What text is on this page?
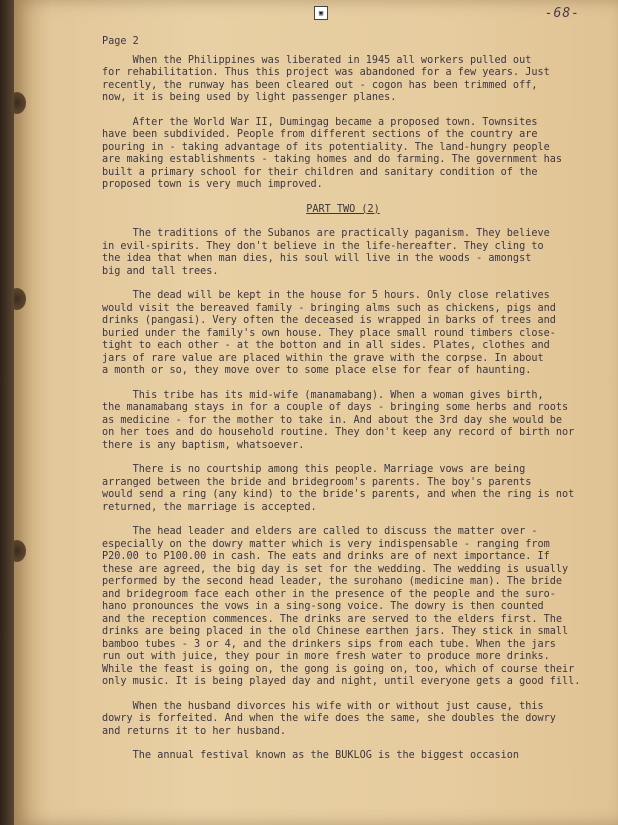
▣	-68-

Page 2

When the Philippines was liberated in 1945 all workers pulled out
for rehabilitation. Thus this project was abandoned for a few years. Just
recently, the runway has been cleared out - cogon has been trimmed off,
now, it is being used by light passenger planes.

After the World War II, Dumingag became a proposed town. Townsites
have been subdivided. People from different sections of the country are
pouring in - taking advantage of its potentiality. The land-hungry people
are making establishments - taking homes and do farming. The government has
built a primary school for their children and sanitary condition of the
proposed town is very much improved.

PART TWO (2)

The traditions of the Subanos are practically paganism. They believe
in evil-spirits. They don't believe in the life-hereafter. They cling to
the idea that when man dies, his soul will live in the woods - amongst
big and tall trees.

The dead will be kept in the house for 5 hours. Only close relatives
would visit the bereaved family - bringing alms such as chickens, pigs and
drinks (pangasi). Very often the deceased is wrapped in barks of trees and
buried under the family's own house. They place small round timbers close-
tight to each other - at the botton and in all sides. Plates, clothes and
jars of rare value are placed within the grave with the corpse. In about
a month or so, they move over to some place else for fear of haunting.

This tribe has its mid-wife (manamabang). When a woman gives birth,
the manamabang stays in for a couple of days - bringing some herbs and roots
as medicine - for the mother to take in. And about the 3rd day she would be
on her toes and do household routine. They don't keep any record of birth nor
there is any baptism, whatsoever.

There is no courtship among this people. Marriage vows are being
arranged between the bride and bridegroom's parents. The boy's parents
would send a ring (any kind) to the bride's parents, and when the ring is not
returned, the marriage is accepted.

The head leader and elders are called to discuss the matter over -
especially on the dowry matter which is very indispensable - ranging from
P20.00 to P100.00 in cash. The eats and drinks are of next importance. If
these are agreed, the big day is set for the wedding. The wedding is usually
performed by the second head leader, the surohano (medicine man). The bride
and bridegroom face each other in the presence of the people and the suro-
hano pronounces the vows in a sing-song voice. The dowry is then counted
and the reception commences. The drinks are served to the elders first. The
drinks are being placed in the old Chinese earthen jars. They stick in small
bamboo tubes - 3 or 4, and the drinkers sips from each tube. When the jars
run out with juice, they pour in more fresh water to produce more drinks.
While the feast is going on, the gong is going on, too, which of course their
only music. It is being played day and night, until everyone gets a good fill.

When the husband divorces his wife with or without just cause, this
dowry is forfeited. And when the wife does the same, she doubles the dowry
and returns it to her husband.

The annual festival known as the BUKLOG is the biggest occasion
